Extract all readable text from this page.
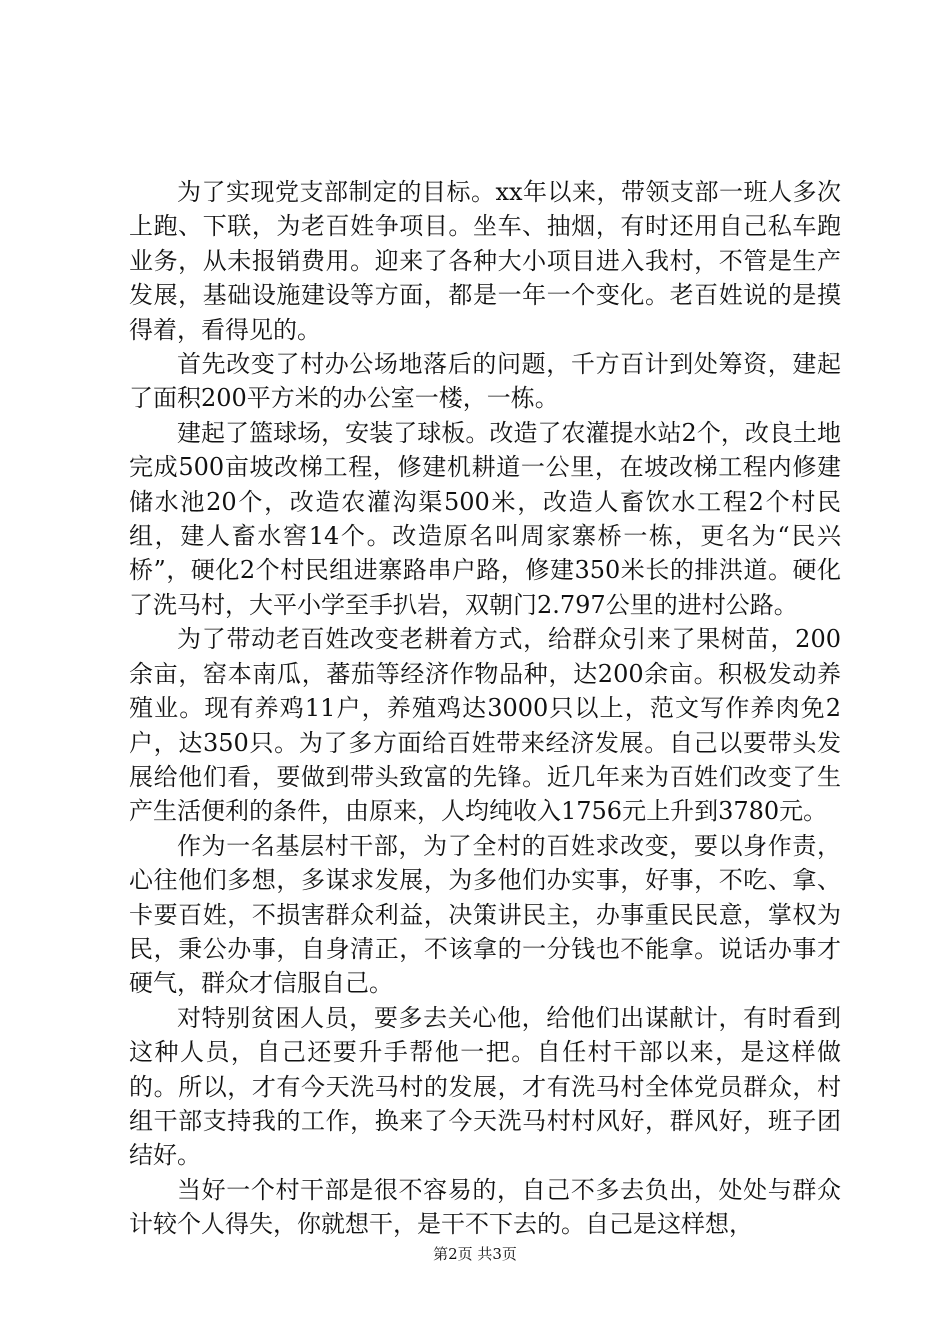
为了实现党支部制定的目标。xx年以来，带领支部一班人多次上跑、下联，为老百姓争项目。坐车、抽烟，有时还用自己私车跑业务，从未报销费用。迎来了各种大小项目进入我村，不管是生产发展，基础设施建设等方面，都是一年一个变化。老百姓说的是摸得着，看得见的。

首先改变了村办公场地落后的问题，千方百计到处筹资，建起了面积200平方米的办公室一楼，一栋。

建起了篮球场，安装了球板。改造了农灌提水站2个，改良土地完成500亩坡改梯工程，修建机耕道一公里，在坡改梯工程内修建储水池20个，改造农灌沟渠500米，改造人畜饮水工程2个村民组，建人畜水窖14个。改造原名叫周家寨桥一栋，更名为“民兴桥”，硬化2个村民组进寨路串户路，修建350米长的排洪道。硬化了洗马村，大平小学至手扒岩，双朝门2.797公里的进村公路。

为了带动老百姓改变老耕着方式，给群众引来了果树苗，200余亩，窑本南瓜，蕃茄等经济作物品种，达200余亩。积极发动养殖业。现有养鸡11户，养殖鸡达3000只以上，范文写作养肉免2户，达350只。为了多方面给百姓带来经济发展。自己以要带头发展给他们看，要做到带头致富的先锋。近几年来为百姓们改变了生产生活便利的条件，由原来，人均纯收入1756元上升到3780元。

作为一名基层村干部，为了全村的百姓求改变，要以身作责，心往他们多想，多谋求发展，为多他们办实事，好事，不吃、拿、卡要百姓，不损害群众利益，决策讲民主，办事重民民意，掌权为民，秉公办事，自身清正，不该拿的一分钱也不能拿。说话办事才硬气，群众才信服自己。

对特别贫困人员，要多去关心他，给他们出谋献计，有时看到这种人员，自己还要升手帮他一把。自任村干部以来，是这样做的。所以，才有今天洗马村的发展，才有洗马村全体党员群众，村组干部支持我的工作，换来了今天洗马村村风好，群风好，班子团结好。

当好一个村干部是很不容易的，自己不多去负出，处处与群众计较个人得失，你就想干，是干不下去的。自己是这样想，

第2页 共3页
